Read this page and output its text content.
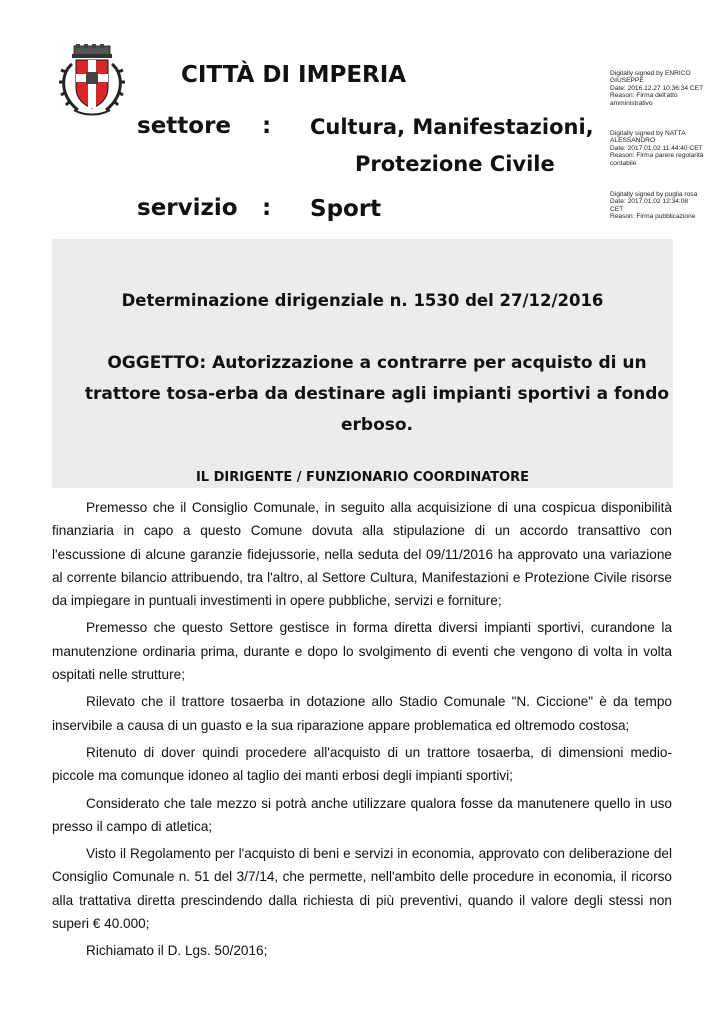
CITTÀ DI IMPERIA
settore : Cultura, Manifestazioni,
Protezione Civile
servizio : Sport
Digitally signed by ENRICO
GIUSEPPE
Date: 2016.12.27 10:36:34 CET
Reason: Firma dell'atto
amministrativo
Digitally signed by NATTA
ALESSANDRO
Date: 2017.01.02 11:44:40 CET
Reason: Firma parere regolarità
contabile
Digitally signed by puglia rosa
Date: 2017.01.02 12:34:08
CET
Reason: Firma pubblicazione
Determinazione dirigenziale n. 1530 del 27/12/2016
OGGETTO: Autorizzazione a contrarre per acquisto di un trattore tosa-erba da destinare agli impianti sportivi a fondo erboso.
IL DIRIGENTE / FUNZIONARIO COORDINATORE

Premesso che il Consiglio Comunale, in seguito alla acquisizione di una cospicua disponibilità finanziaria in capo a questo Comune dovuta alla stipulazione di un accordo transattivo con l'escussione di alcune garanzie fidejussorie, nella seduta del 09/11/2016 ha approvato una variazione al corrente bilancio attribuendo, tra l'altro, al Settore Cultura, Manifestazioni e Protezione Civile risorse da impiegare in puntuali investimenti in opere pubbliche, servizi e forniture;

Premesso che questo Settore gestisce in forma diretta diversi impianti sportivi, curandone la manutenzione ordinaria prima, durante e dopo lo svolgimento di eventi che vengono di volta in volta ospitati nelle strutture;

Rilevato che il trattore tosaerba in dotazione allo Stadio Comunale "N. Ciccione" è da tempo inservibile a causa di un guasto e la sua riparazione appare problematica ed oltremodo costosa;

Ritenuto di dover quindi procedere all'acquisto di un trattore tosaerba, di dimensioni medio-piccole ma comunque idoneo al taglio dei manti erbosi degli impianti sportivi;

Considerato che tale mezzo si potrà anche utilizzare qualora fosse da manutenere quello in uso presso il campo di atletica;

Visto il Regolamento per l'acquisto di beni e servizi in economia, approvato con deliberazione del Consiglio Comunale n. 51 del 3/7/14, che permette, nell'ambito delle procedure in economia, il ricorso alla trattativa diretta prescindendo dalla richiesta di più preventivi, quando il valore degli stessi non superi € 40.000;

Richiamato il D. Lgs. 50/2016;
